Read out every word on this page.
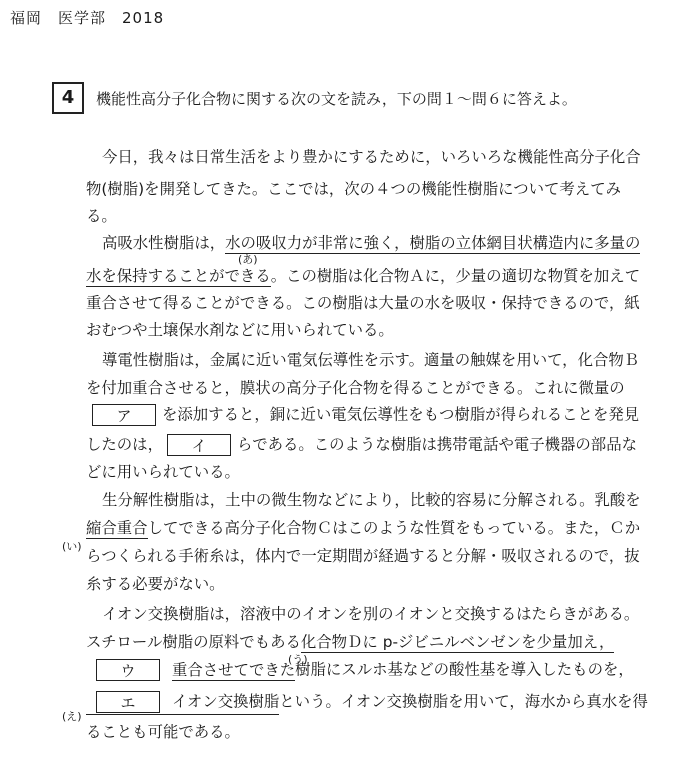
福岡　医学部　2018
4	機能性高分子化合物に関する次の文を読み，下の問１～問６に答えよ。
今日，我々は日常生活をより豊かにするために，いろいろな機能性高分子化合
物(樹脂)を開発してきた。ここでは，次の４つの機能性樹脂について考えてみ
る。
高吸水性樹脂は，水の吸収力が非常に強く，樹脂の立体網目状構造内に多量の
(あ)
水を保持することができる。この樹脂は化合物Ａに，少量の適切な物質を加えて
重合させて得ることができる。この樹脂は大量の水を吸収・保持できるので，紙
おむつや土壌保水剤などに用いられている。
導電性樹脂は，金属に近い電気伝導性を示す。適量の触媒を用いて，化合物Ｂ
を付加重合させると，膜状の高分子化合物を得ることができる。これに微量の
ア を添加すると，銅に近い電気伝導性をもつ樹脂が得られることを発見
したのは， イ らである。このような樹脂は携帯電話や電子機器の部品な
どに用いられている。
生分解性樹脂は，土中の微生物などにより，比較的容易に分解される。乳酸を
(い)
縮合重合してできる高分子化合物Ｃはこのような性質をもっている。また，Ｃか
らつくられる手術糸は，体内で一定期間が経過すると分解・吸収されるので，抜
糸する必要がない。
イオン交換樹脂は，溶液中のイオンを別のイオンと交換するはたらきがある。
スチロール樹脂の原料でもある化合物Ｄに p-ジビニルベンゼンを少量加え，
(う)
ウ 重合させてできた樹脂にスルホ基などの酸性基を導入したものを，
(え)
エ イオン交換樹脂という。イオン交換樹脂を用いて，海水から真水を得
ることも可能である。
